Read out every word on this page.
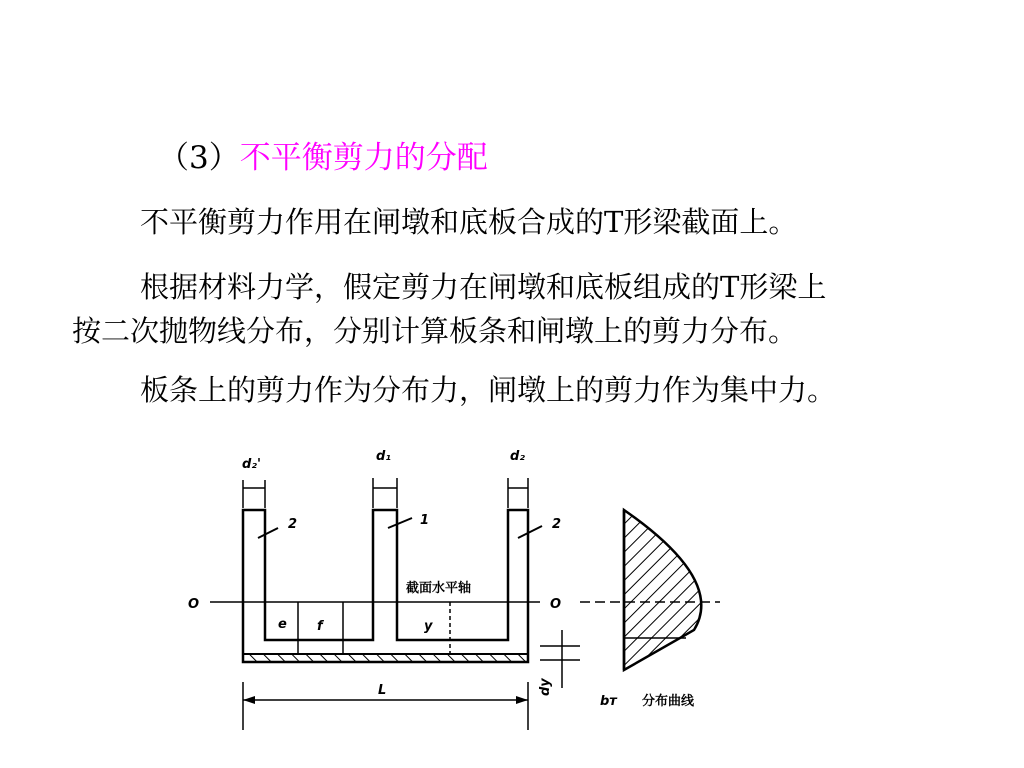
（3）不平衡剪力的分配
不平衡剪力作用在闸墩和底板合成的T形梁截面上。
根据材料力学，假定剪力在闸墩和底板组成的T形梁上
按二次抛物线分布，分别计算板条和闸墩上的剪力分布。
板条上的剪力作为分布力，闸墩上的剪力作为集中力。
d₂'
d₁	d₂
2	1	2
O	O
截面水平轴
e f	y
dy
L
bт 分布曲线
